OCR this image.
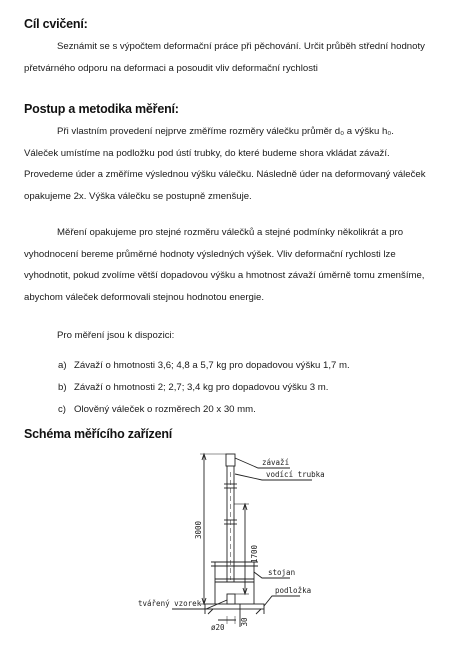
Cíl cvičení:

Seznámit se s výpočtem deformační práce při pěchování. Určit průběh střední hodnoty přetvárného odporu na deformaci a posoudit vliv deformační rychlosti

Postup a metodika měření:

Při vlastním provedení nejprve změříme rozměry válečku průměr d₀ a výšku h₀. Váleček umístíme na podložku pod ústí trubky, do které budeme shora vkládat závaží. Provedeme úder a změříme výslednou výšku válečku. Následně úder na deformovaný váleček opakujeme 2x. Výška válečku se postupně zmenšuje.

Měření opakujeme pro stejné rozměru válečků a stejné podmínky několikrát a pro vyhodnocení bereme průměrné hodnoty výsledných výšek. Vliv deformační rychlosti lze vyhodnotit, pokud zvolíme větší dopadovou výšku a hmotnost závaží úměrně tomu zmenšíme, abychom váleček deformovali stejnou hodnotou energie.

Pro měření jsou k dispozici:

a) Závaží o hmotnosti 3,6; 4,8 a 5,7 kg pro dopadovou výšku 1,7 m.
b) Závaží o hmotnosti 2; 2,7; 3,4 kg pro dopadovou výšku 3 m.
c) Olověný váleček o rozměrech 20 x 30 mm.
Schéma měřícího zařízení
závaží
vodící trubka
stojan
podložka
tvářený vzorek
3000
1700
ø20
30
